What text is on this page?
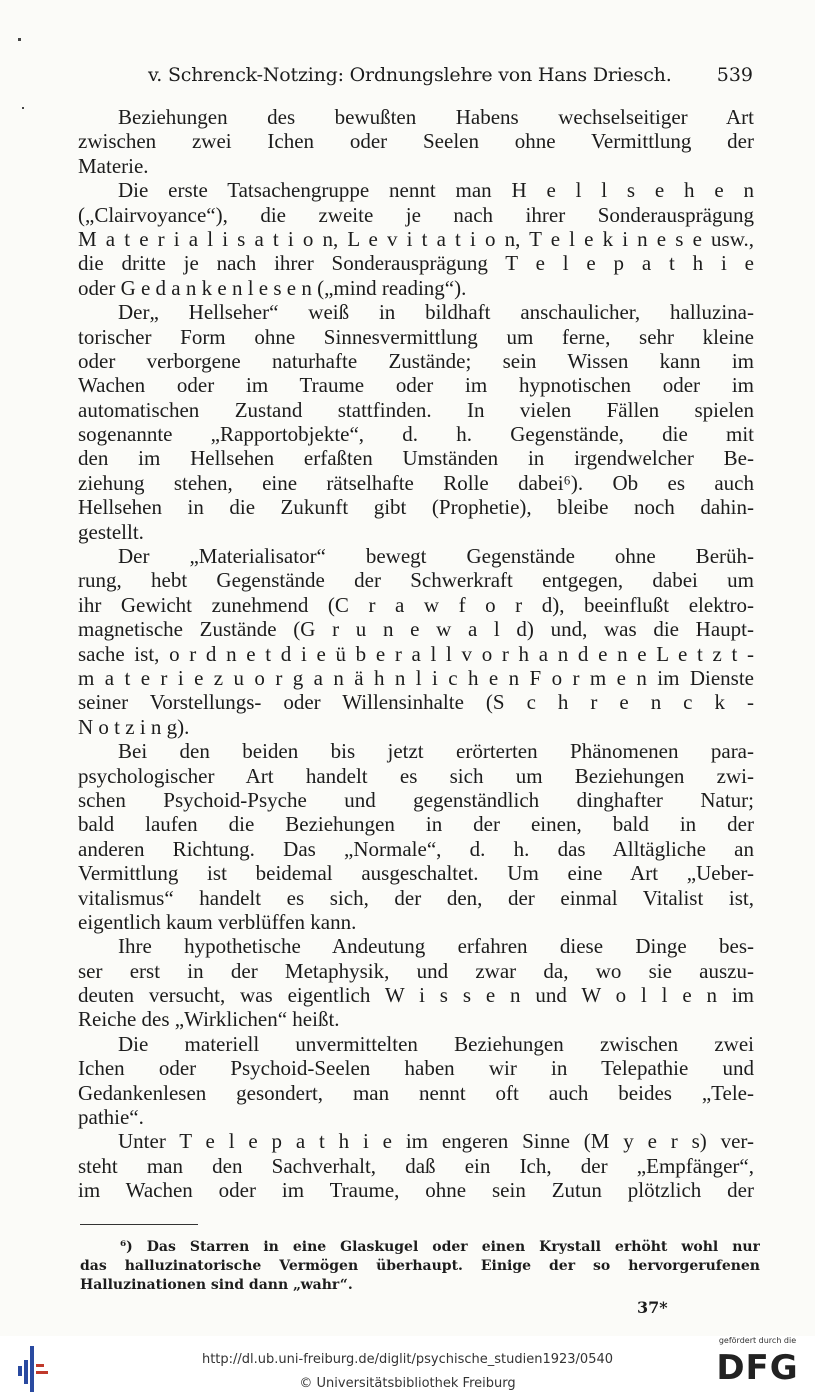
v. Schrenck-Notzing: Ordnungslehre von Hans Driesch. 539
Beziehungen des bewußten Habens wechselseitiger Art
zwischen zwei Ichen oder Seelen ohne Vermittlung der
Materie.
Die erste Tatsachengruppe nennt man H e l l s e h e n
(„Clairvoyance“), die zweite je nach ihrer Sonderausprägung
M a t e r i a l i s a t i o n, L e v i t a t i o n, T e l e k i n e s e usw.,
die dritte je nach ihrer Sonderausprägung T e l e p a t h i e
oder G e d a n k e n l e s e n („mind reading“).
Der„ Hellseher“ weiß in bildhaft anschaulicher, halluzina-
torischer Form ohne Sinnesvermittlung um ferne, sehr kleine
oder verborgene naturhafte Zustände; sein Wissen kann im
Wachen oder im Traume oder im hypnotischen oder im
automatischen Zustand stattfinden. In vielen Fällen spielen
sogenannte „Rapportobjekte“, d. h. Gegenstände, die mit
den im Hellsehen erfaßten Umständen in irgendwelcher Be-
ziehung stehen, eine rätselhafte Rolle dabei⁶). Ob es auch
Hellsehen in die Zukunft gibt (Prophetie), bleibe noch dahin-
gestellt.
Der „Materialisator“ bewegt Gegenstände ohne Berüh-
rung, hebt Gegenstände der Schwerkraft entgegen, dabei um
ihr Gewicht zunehmend (C r a w f o r d), beeinflußt elektro-
magnetische Zustände (G r u n e w a l d) und, was die Haupt-
sache ist, o r d n e t d i e ü b e r a l l v o r h a n d e n e L e t z t -
m a t e r i e z u o r g a n ä h n l i c h e n F o r m e n im Dienste
seiner Vorstellungs- oder Willensinhalte (S c h r e n c k -
N o t z i n g).
Bei den beiden bis jetzt erörterten Phänomenen para-
psychologischer Art handelt es sich um Beziehungen zwi-
schen Psychoid-Psyche und gegenständlich dinghafter Natur;
bald laufen die Beziehungen in der einen, bald in der
anderen Richtung. Das „Normale“, d. h. das Alltägliche an
Vermittlung ist beidemal ausgeschaltet. Um eine Art „Ueber-
vitalismus“ handelt es sich, der den, der einmal Vitalist ist,
eigentlich kaum verblüffen kann.
Ihre hypothetische Andeutung erfahren diese Dinge bes-
ser erst in der Metaphysik, und zwar da, wo sie auszu-
deuten versucht, was eigentlich W i s s e n und W o l l e n im
Reiche des „Wirklichen“ heißt.
Die materiell unvermittelten Beziehungen zwischen zwei
Ichen oder Psychoid-Seelen haben wir in Telepathie und
Gedankenlesen gesondert, man nennt oft auch beides „Tele-
pathie“.
Unter T e l e p a t h i e im engeren Sinne (M y e r s) ver-
steht man den Sachverhalt, daß ein Ich, der „Empfänger“,
im Wachen oder im Traume, ohne sein Zutun plötzlich der
⁶) Das Starren in eine Glaskugel oder einen Krystall erhöht wohl nur
das halluzinatorische Vermögen überhaupt. Einige der so hervorgerufenen
Halluzinationen sind dann „wahr“.
37*
http://dl.ub.uni-freiburg.de/diglit/psychische_studien1923/0540
© Universitätsbibliothek Freiburg
gefördert durch die
DFG
